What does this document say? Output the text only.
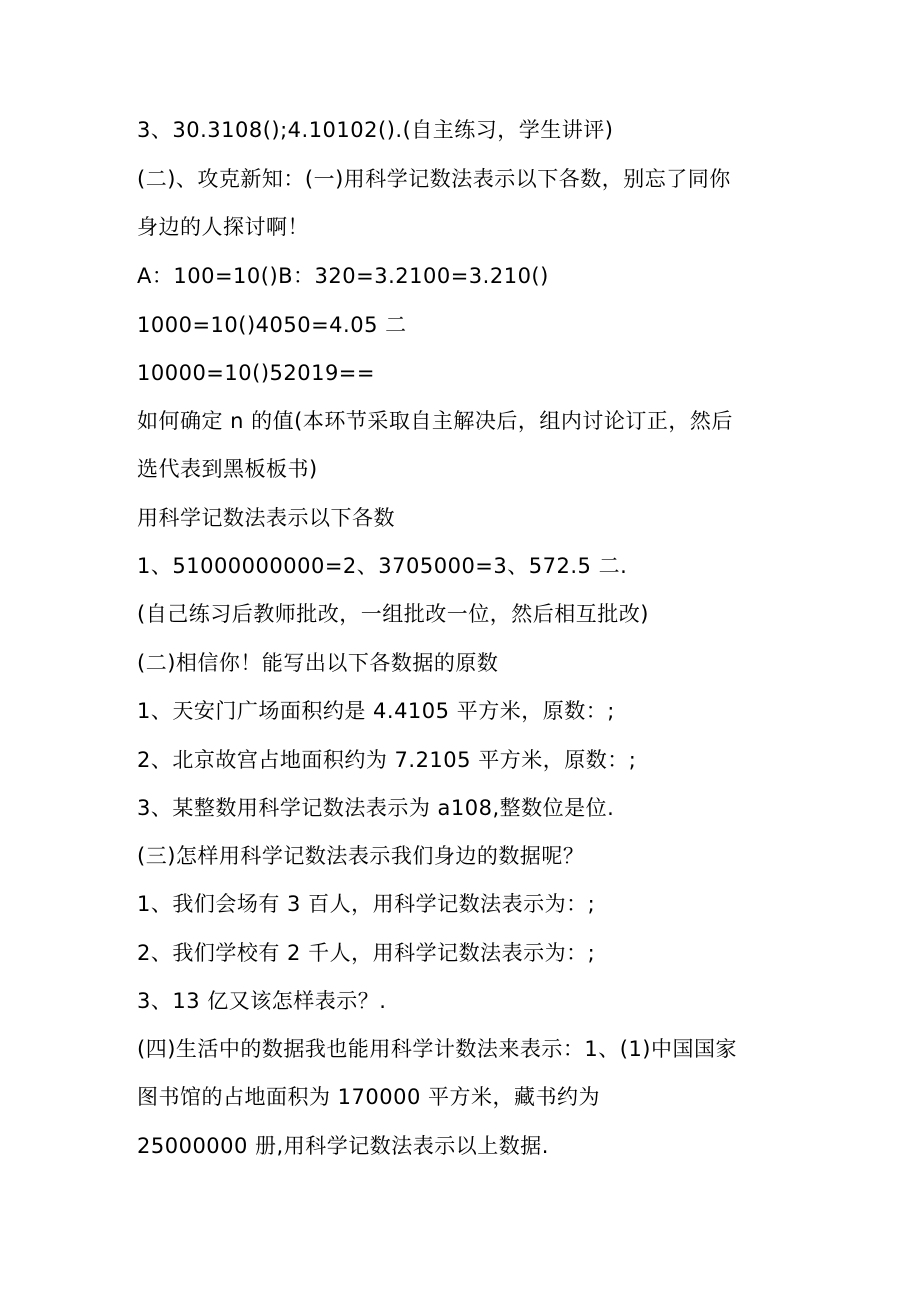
3、30.3108();4.10102().(自主练习，学生讲评)
(二)、攻克新知：(一)用科学记数法表示以下各数，别忘了同你
身边的人探讨啊！
A：100=10()B：320=3.2100=3.210()
1000=10()4050=4.05 二
10000=10()52019==
如何确定 n 的值(本环节采取自主解决后，组内讨论订正，然后
选代表到黑板板书)
用科学记数法表示以下各数
1、51000000000=2、3705000=3、572.5 二.
(自己练习后教师批改，一组批改一位，然后相互批改)
(二)相信你！能写出以下各数据的原数
1、天安门广场面积约是 4.4105 平方米，原数：;
2、北京故宫占地面积约为 7.2105 平方米，原数：;
3、某整数用科学记数法表示为 a108,整数位是位.
(三)怎样用科学记数法表示我们身边的数据呢？
1、我们会场有 3 百人，用科学记数法表示为：;
2、我们学校有 2 千人，用科学记数法表示为：;
3、13 亿又该怎样表示？.
(四)生活中的数据我也能用科学计数法来表示：1、(1)中国国家
图书馆的占地面积为 170000 平方米，藏书约为
25000000 册,用科学记数法表示以上数据.
